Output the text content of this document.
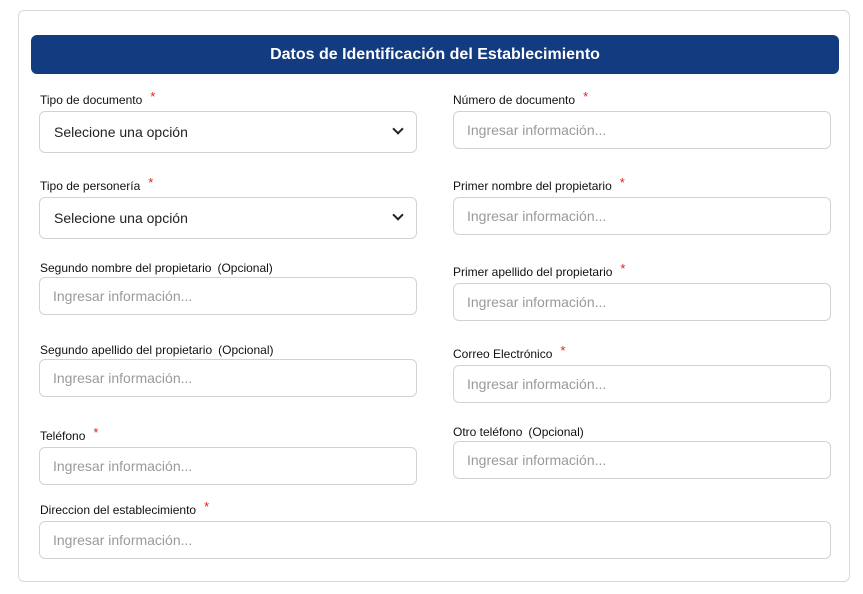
Datos de Identificación del Establecimiento
Tipo de documento *
Selecione una opción
Número de documento *
Ingresar información...
Tipo de personería *
Selecione una opción
Primer nombre del propietario *
Ingresar información...
Segundo nombre del propietario (Opcional)
Ingresar información...	Primer apellido del propietario *
Ingresar información...
Segundo apellido del propietario (Opcional)
Ingresar información...	Correo Electrónico *
Ingresar información...
Teléfono *
Ingresar información...	Otro teléfono (Opcional)
Ingresar información...
Direccion del establecimiento *
Ingresar información...
